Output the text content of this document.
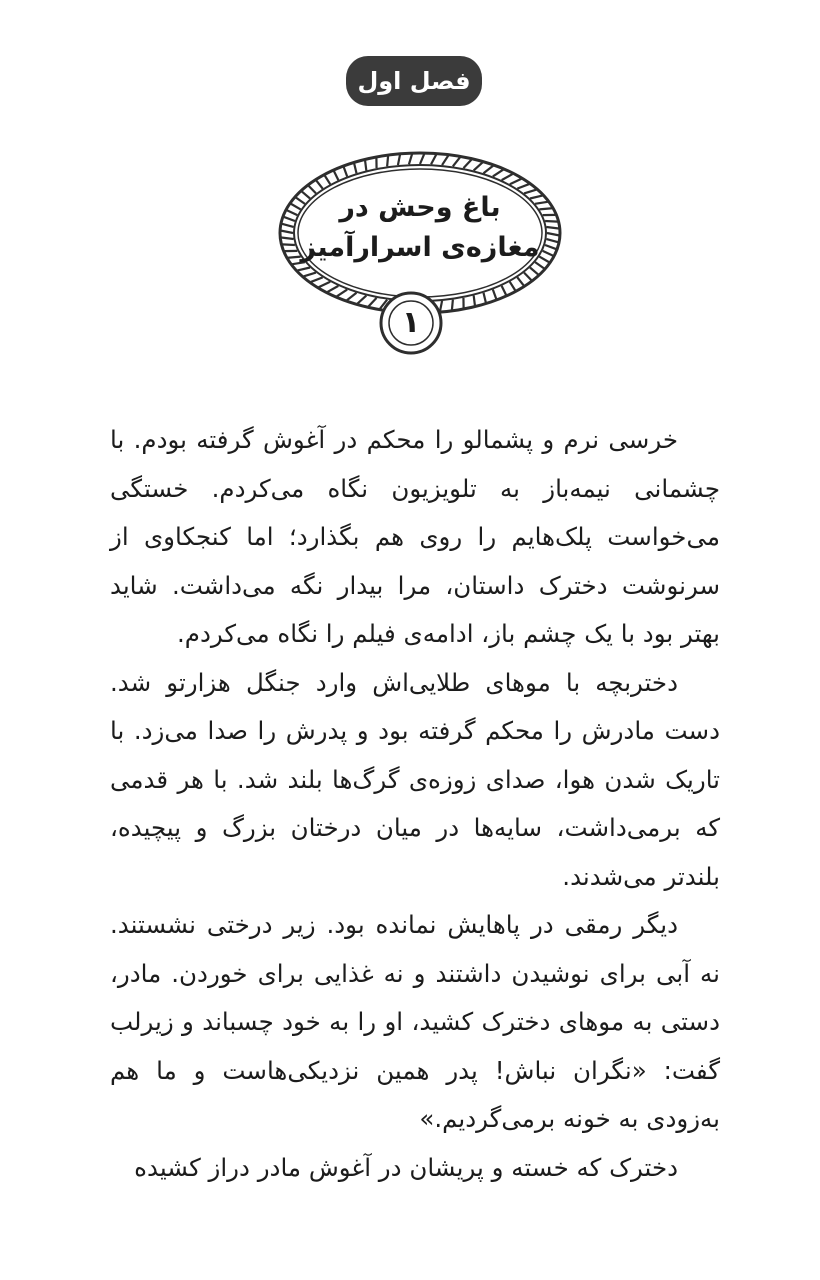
فصل اول
باغ وحش در
مغازه‌ی اسرارآمیز
۱

خرسی نرم و پشمالو را محکم در آغوش گرفته بودم. با چشمانی نیمه‌باز به تلویزیون نگاه می‌کردم. خستگی می‌خواست پلک‌هایم را روی هم بگذارد؛ اما کنجکاوی از سرنوشت دخترک داستان، مرا بیدار نگه می‌داشت. شاید بهتر بود با یک چشم باز، ادامه‌ی فیلم را نگاه می‌کردم.

دختربچه با موهای طلایی‌اش وارد جنگل هزارتو شد. دست مادرش را محکم گرفته بود و پدرش را صدا می‌زد. با تاریک شدن هوا، صدای زوزه‌ی گرگ‌ها بلند شد. با هر قدمی که برمی‌داشت، سایه‌ها در میان درختان بزرگ و پیچیده، بلندتر می‌شدند.

دیگر رمقی در پاهایش نمانده بود. زیر درختی نشستند. نه آبی برای نوشیدن داشتند و نه غذایی برای خوردن. مادر، دستی به موهای دخترک کشید، او را به خود چسباند و زیرلب گفت: «نگران نباش! پدر همین نزدیکی‌هاست و ما هم به‌زودی به خونه برمی‌گردیم.»

دخترک که خسته و پریشان در آغوش مادر دراز کشیده
